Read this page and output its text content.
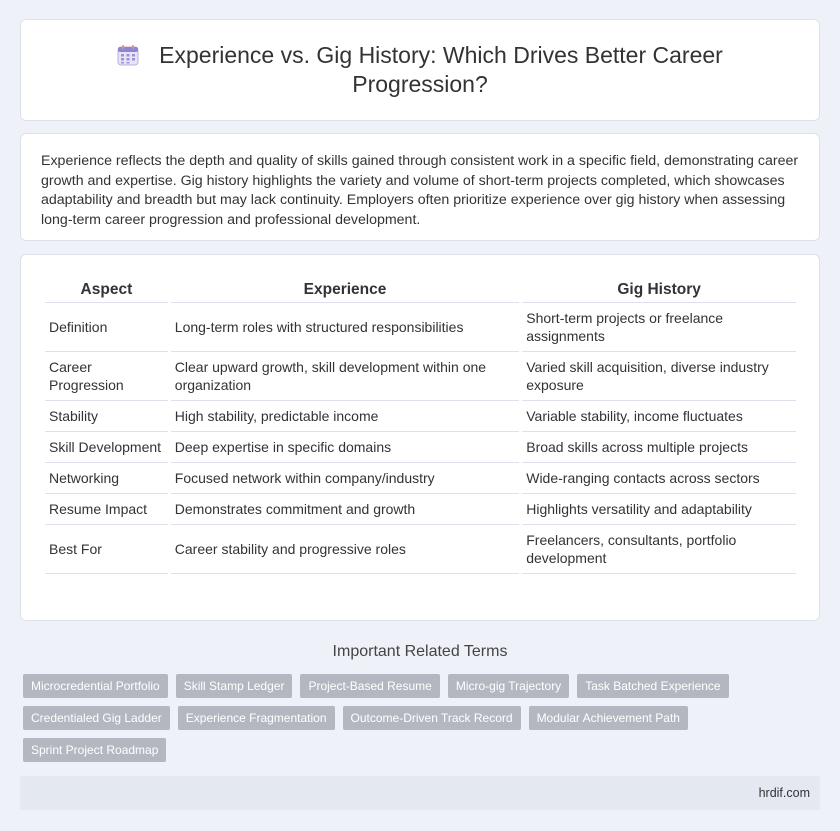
Experience vs. Gig History: Which Drives Better Career Progression?

Experience reflects the depth and quality of skills gained through consistent work in a specific field, demonstrating career growth and expertise. Gig history highlights the variety and volume of short-term projects completed, which showcases adaptability and breadth but may lack continuity. Employers often prioritize experience over gig history when assessing long-term career progression and professional development.

Aspect	Experience	Gig History
Definition	Long-term roles with structured responsibilities	Short-term projects or freelance assignments
Career Progression	Clear upward growth, skill development within one organization	Varied skill acquisition, diverse industry exposure
Stability	High stability, predictable income	Variable stability, income fluctuates
Skill Development	Deep expertise in specific domains	Broad skills across multiple projects
Networking	Focused network within company/industry	Wide-ranging contacts across sectors
Resume Impact	Demonstrates commitment and growth	Highlights versatility and adaptability
Best For	Career stability and progressive roles	Freelancers, consultants, portfolio development
Important Related Terms
Microcredential Portfolio	Skill Stamp Ledger	Project-Based Resume	Micro-gig Trajectory	Task Batched Experience
Credentialed Gig Ladder	Experience Fragmentation	Outcome-Driven Track Record	Modular Achievement Path
Sprint Project Roadmap
hrdif.com
